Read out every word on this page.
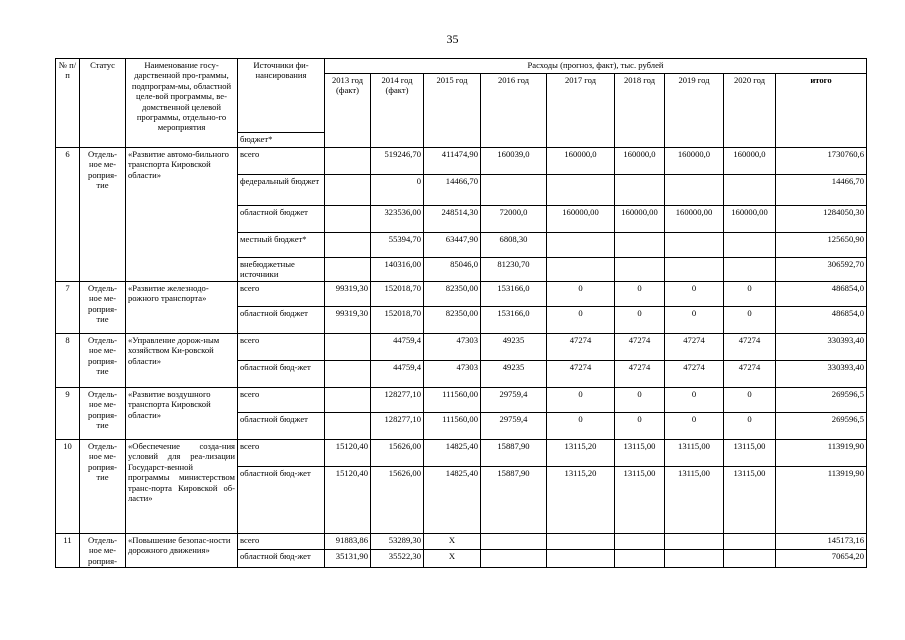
35
№ п/п	Статус	Наименование госу-дарственной про-граммы, подпрограм-мы, областной целе-вой программы, ве-домственной целевой программы, отдельно-го мероприятия	Источники фи-нансирования	Расходы (прогноз, факт), тыс. рублей								
				2013 год (факт)	2014 год (факт)	2015 год	2016 год	2017 год	2018 год	2019 год	2020 год	итого
			бюджет*									
6	Отдель-ное ме-роприя-тие	«Развитие автомо-бильного транспорта Кировской области»	всего		519246,70	411474,90	160039,0	160000,0	160000,0	160000,0	160000,0	1730760,6
			федеральный бюджет		0	14466,70						14466,70
			областной бюджет		323536,00	248514,30	72000,0	160000,00	160000,00	160000,00	160000,00	1284050,30
			местный бюджет*		55394,70	63447,90	6808,30					125650,90
			внебюджетные источники		140316,00	85046,0	81230,70					306592,70
7	Отдель-ное ме-роприя-тие	«Развитие железнодо-рожного транспорта»	всего	99319,30	152018,70	82350,00	153166,0	0	0	0	0	486854,0
			областной бюджет	99319,30	152018,70	82350,00	153166,0	0	0	0	0	486854,0
8	Отдель-ное ме-роприя-тие	«Управление дорож-ным хозяйством Ки-ровской области»	всего		44759,4	47303	49235	47274	47274	47274	47274	330393,40
			областной бюд-жет		44759,4	47303	49235	47274	47274	47274	47274	330393,40
9	Отдель-ное ме-роприя-тие	«Развитие воздушного транспорта Кировской области»	всего		128277,10	111560,00	29759,4	0	0	0	0	269596,5
			областной бюджет		128277,10	111560,00	29759,4	0	0	0	0	269596,5
10	Отдель-ное ме-роприя-тие	«Обеспечение созда-ния условий для реа-лизации Государст-венной программы министерством транс-порта Кировской об-ласти»	всего	15120,40	15626,00	14825,40	15887,90	13115,20	13115,00	13115,00	13115,00	113919,90
			областной бюд-жет	15120,40	15626,00	14825,40	15887,90	13115,20	13115,00	13115,00	13115,00	113919,90
11	Отдель-ное ме-роприя-	«Повышение безопас-ности дорожного движения»	всего	91883,86	53289,30	X						145173,16
			областной бюд-жет	35131,90	35522,30	X						70654,20
